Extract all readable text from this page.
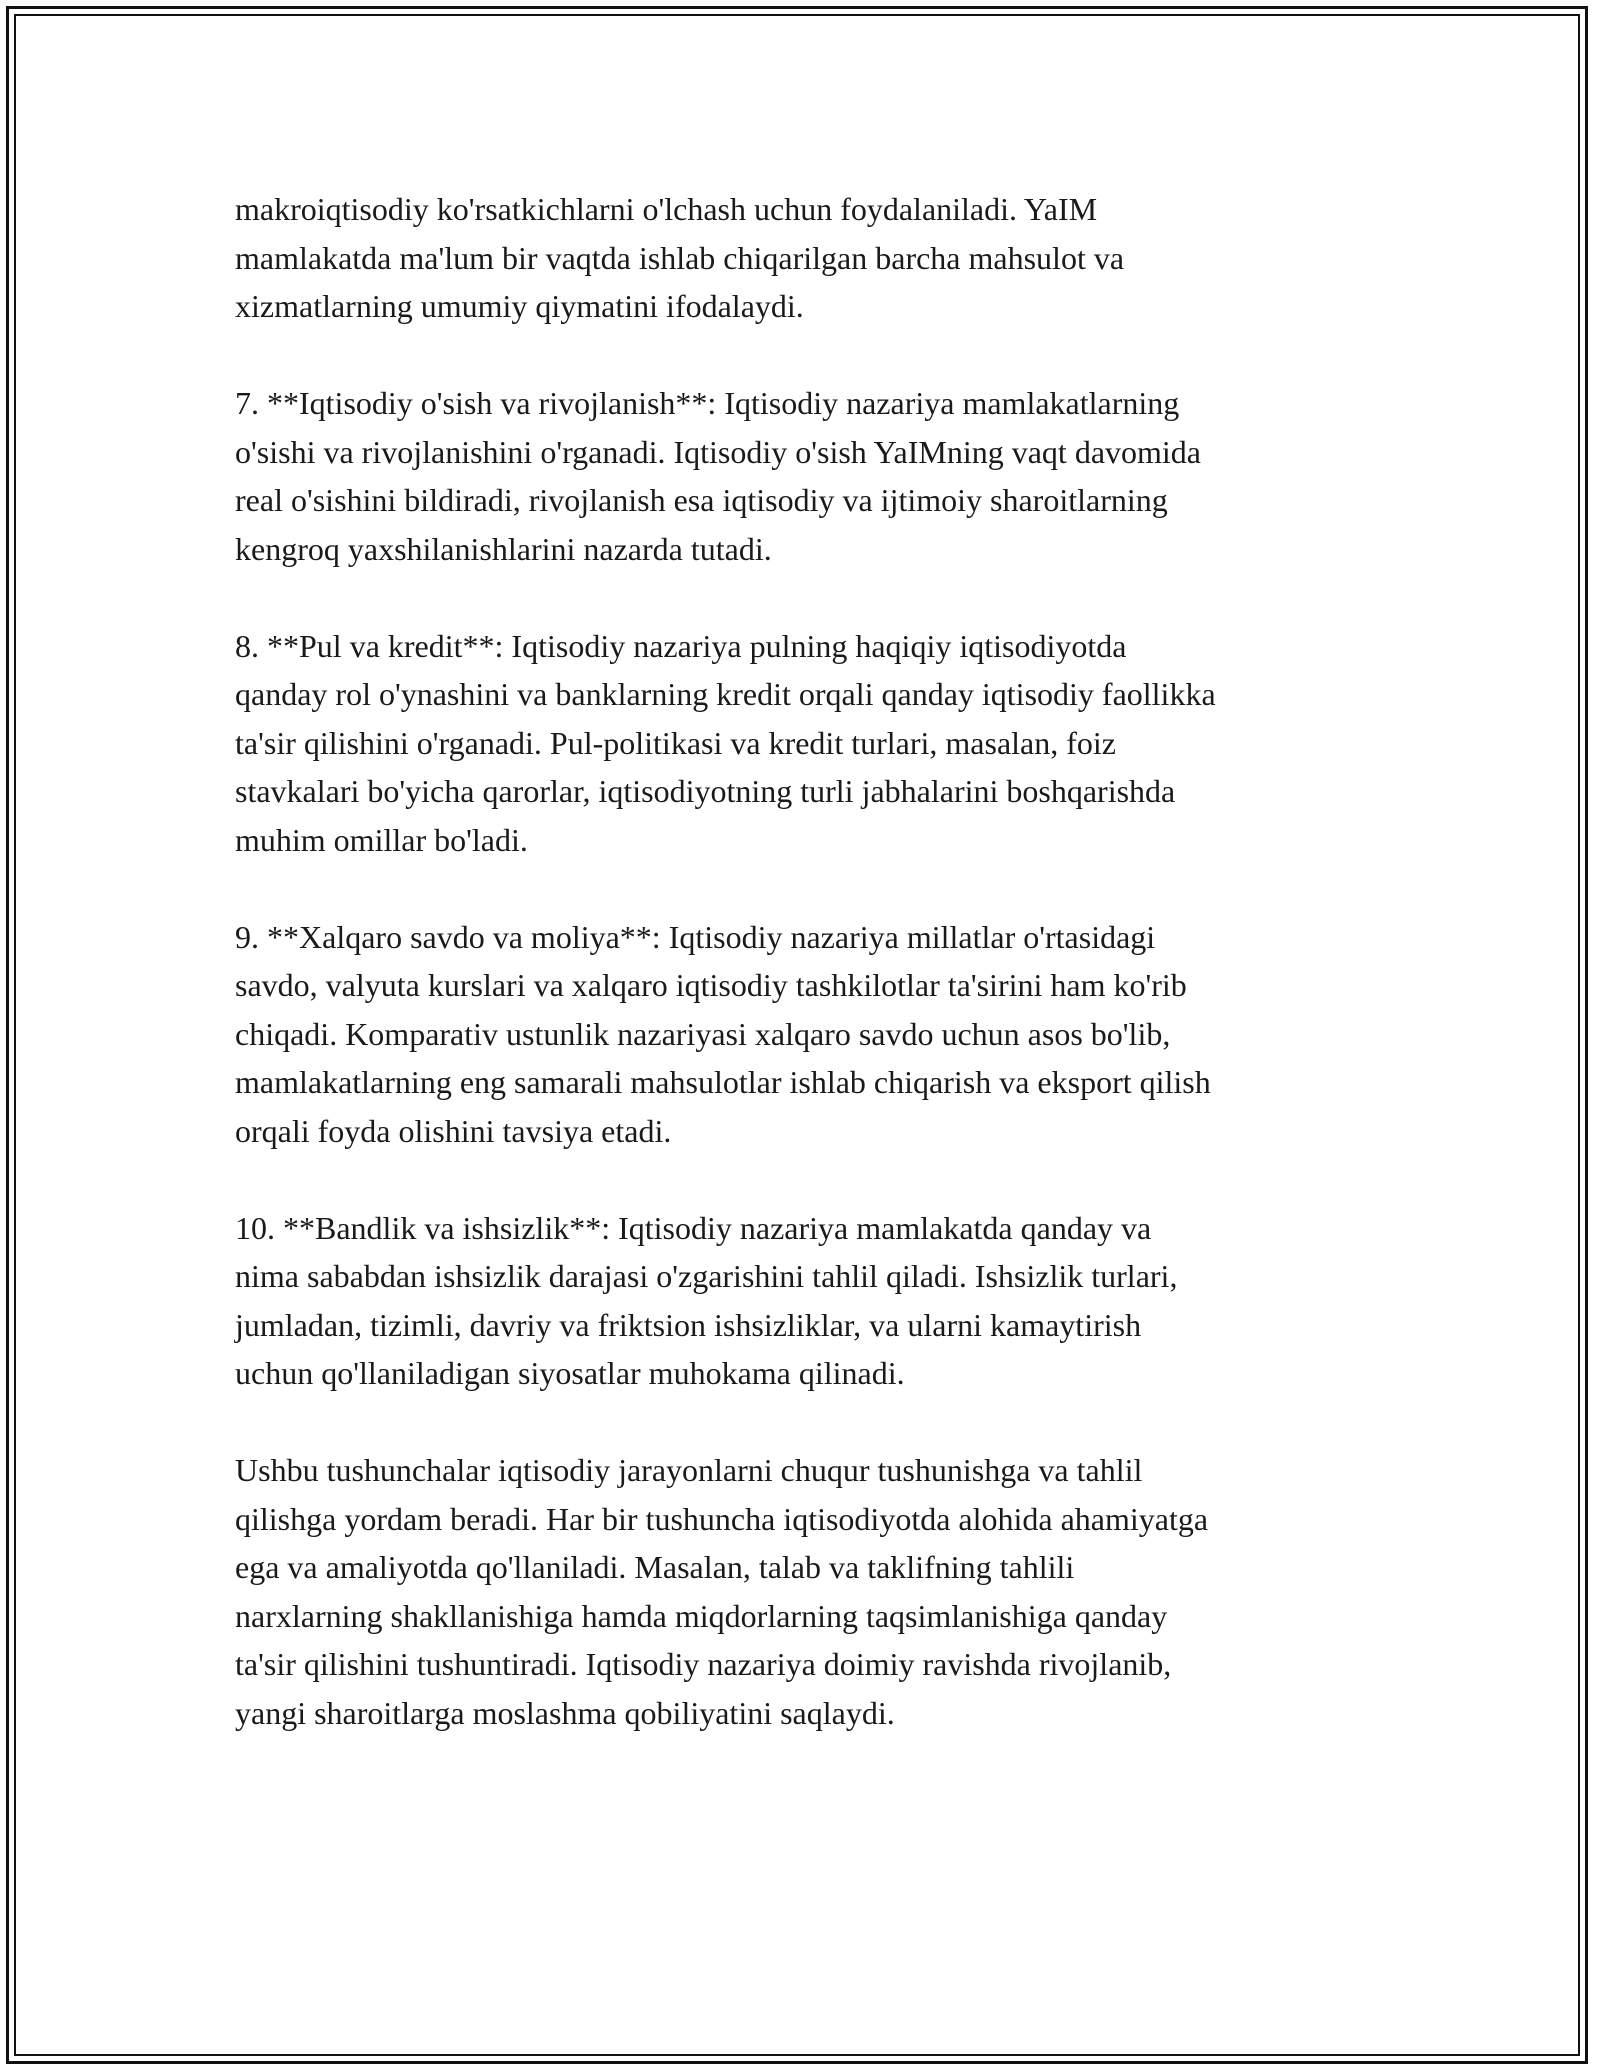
makroiqtisodiy ko'rsatkichlarni o'lchash uchun foydalaniladi. YaIM
mamlakatda ma'lum bir vaqtda ishlab chiqarilgan barcha mahsulot va
xizmatlarning umumiy qiymatini ifodalaydi.

7. **Iqtisodiy o'sish va rivojlanish**: Iqtisodiy nazariya mamlakatlarning
o'sishi va rivojlanishini o'rganadi. Iqtisodiy o'sish YaIMning vaqt davomida
real o'sishini bildiradi, rivojlanish esa iqtisodiy va ijtimoiy sharoitlarning
kengroq yaxshilanishlarini nazarda tutadi.

8. **Pul va kredit**: Iqtisodiy nazariya pulning haqiqiy iqtisodiyotda
qanday rol o'ynashini va banklarning kredit orqali qanday iqtisodiy faollikka
ta'sir qilishini o'rganadi. Pul-politikasi va kredit turlari, masalan, foiz
stavkalari bo'yicha qarorlar, iqtisodiyotning turli jabhalarini boshqarishda
muhim omillar bo'ladi.

9. **Xalqaro savdo va moliya**: Iqtisodiy nazariya millatlar o'rtasidagi
savdo, valyuta kurslari va xalqaro iqtisodiy tashkilotlar ta'sirini ham ko'rib
chiqadi. Komparativ ustunlik nazariyasi xalqaro savdo uchun asos bo'lib,
mamlakatlarning eng samarali mahsulotlar ishlab chiqarish va eksport qilish
orqali foyda olishini tavsiya etadi.

10. **Bandlik va ishsizlik**: Iqtisodiy nazariya mamlakatda qanday va
nima sababdan ishsizlik darajasi o'zgarishini tahlil qiladi. Ishsizlik turlari,
jumladan, tizimli, davriy va friktsion ishsizliklar, va ularni kamaytirish
uchun qo'llaniladigan siyosatlar muhokama qilinadi.

Ushbu tushunchalar iqtisodiy jarayonlarni chuqur tushunishga va tahlil
qilishga yordam beradi. Har bir tushuncha iqtisodiyotda alohida ahamiyatga
ega va amaliyotda qo'llaniladi. Masalan, talab va taklifning tahlili
narxlarning shakllanishiga hamda miqdorlarning taqsimlanishiga qanday
ta'sir qilishini tushuntiradi. Iqtisodiy nazariya doimiy ravishda rivojlanib,
yangi sharoitlarga moslashma qobiliyatini saqlaydi.
